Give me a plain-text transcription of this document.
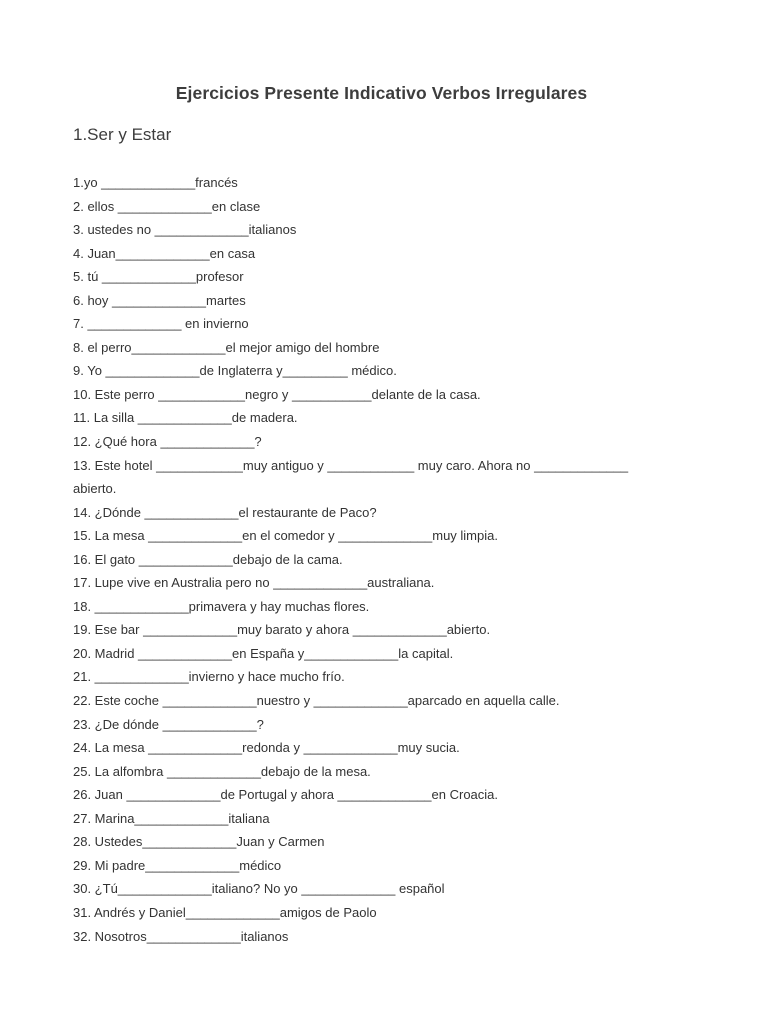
Ejercicios Presente Indicativo Verbos Irregulares
1.Ser y Estar
1.yo _____________francés
2. ellos _____________en clase
3. ustedes no _____________italianos
4. Juan_____________en casa
5. tú _____________profesor
6. hoy _____________martes
7. _____________ en invierno
8. el perro_____________el mejor amigo del hombre
9. Yo _____________de Inglaterra y_________ médico.
10. Este perro ____________negro y ___________delante de la casa.
11. La silla _____________de madera.
12. ¿Qué hora _____________?
13. Este hotel ____________muy antiguo y ____________ muy caro. Ahora no _____________
abierto.
14. ¿Dónde _____________el restaurante de Paco?
15. La mesa _____________en el comedor y _____________muy limpia.
16. El gato _____________debajo de la cama.
17. Lupe vive en Australia pero no _____________australiana.
18. _____________primavera y hay muchas flores.
19. Ese bar _____________muy barato y ahora _____________abierto.
20. Madrid _____________en España y_____________la capital.
21. _____________invierno y hace mucho frío.
22. Este coche _____________nuestro y _____________aparcado en aquella calle.
23. ¿De dónde _____________?
24. La mesa _____________redonda y _____________muy sucia.
25. La alfombra _____________debajo de la mesa.
26. Juan _____________de Portugal y ahora _____________en Croacia.
27. Marina_____________italiana
28. Ustedes_____________Juan y Carmen
29. Mi padre_____________médico
30. ¿Tú_____________italiano? No yo _____________ español
31. Andrés y Daniel_____________amigos de Paolo
32. Nosotros_____________italianos
